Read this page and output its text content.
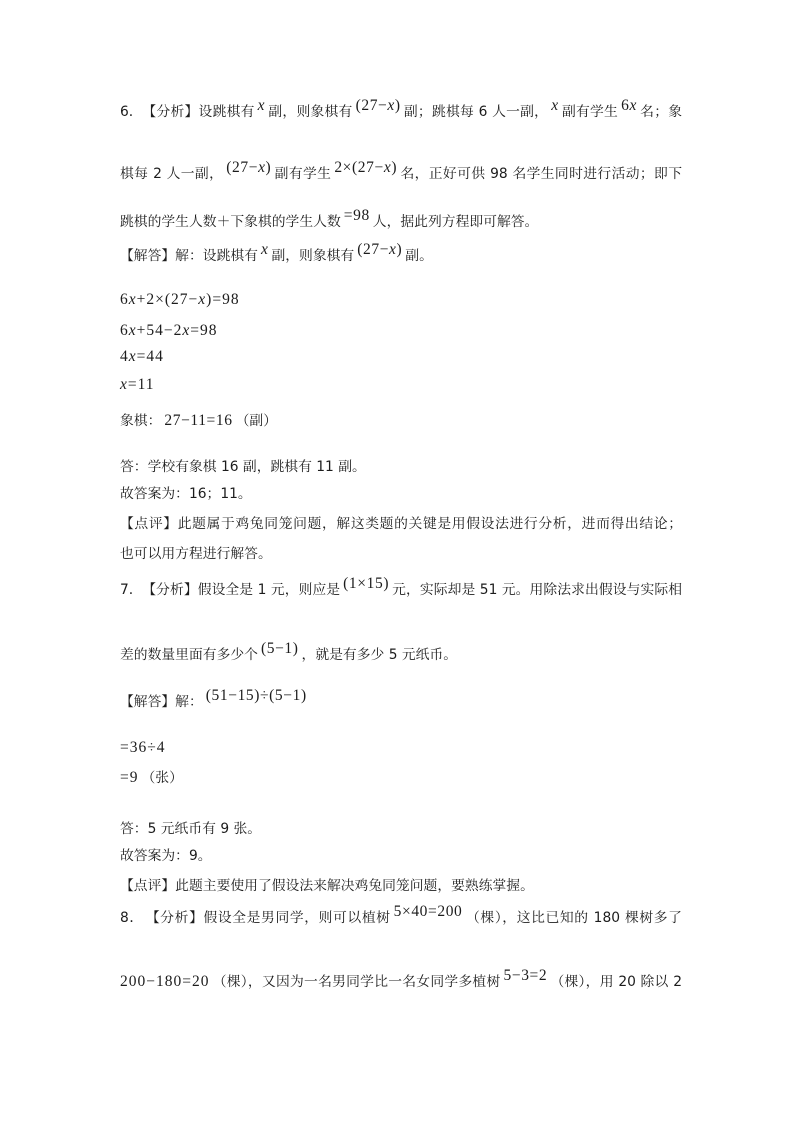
6. 【分析】设跳棋有 x 副，则象棋有 (27−x) 副；跳棋每 6 人一副， x 副有学生 6x 名；象
棋每 2 人一副， (27−x) 副有学生 2×(27−x) 名，正好可供 98 名学生同时进行活动；即下
跳棋的学生人数＋下象棋的学生人数 =98 人，据此列方程即可解答。
【解答】解：设跳棋有 x 副，则象棋有 (27−x) 副。
6x+2×(27−x)=98
6x+54−2x=98
4x=44
x=11
象棋： 27−11=16 （副）
答：学校有象棋 16 副，跳棋有 11 副。
故答案为：16；11。
【点评】此题属于鸡兔同笼问题，解这类题的关键是用假设法进行分析，进而得出结论；
也可以用方程进行解答。
7. 【分析】假设全是 1 元，则应是 (1×15) 元，实际却是 51 元。用除法求出假设与实际相
差的数量里面有多少个 (5−1) ，就是有多少 5 元纸币。
【解答】解： (51−15)÷(5−1)
=36÷4
=9 （张）
答：5 元纸币有 9 张。
故答案为：9。
【点评】此题主要使用了假设法来解决鸡兔同笼问题，要熟练掌握。
8． 【分析】假设全是男同学，则可以植树 5×40=200 （棵），这比已知的 180 棵树多了
200−180=20 （棵），又因为一名男同学比一名女同学多植树 5−3=2 （棵），用 20 除以 2
